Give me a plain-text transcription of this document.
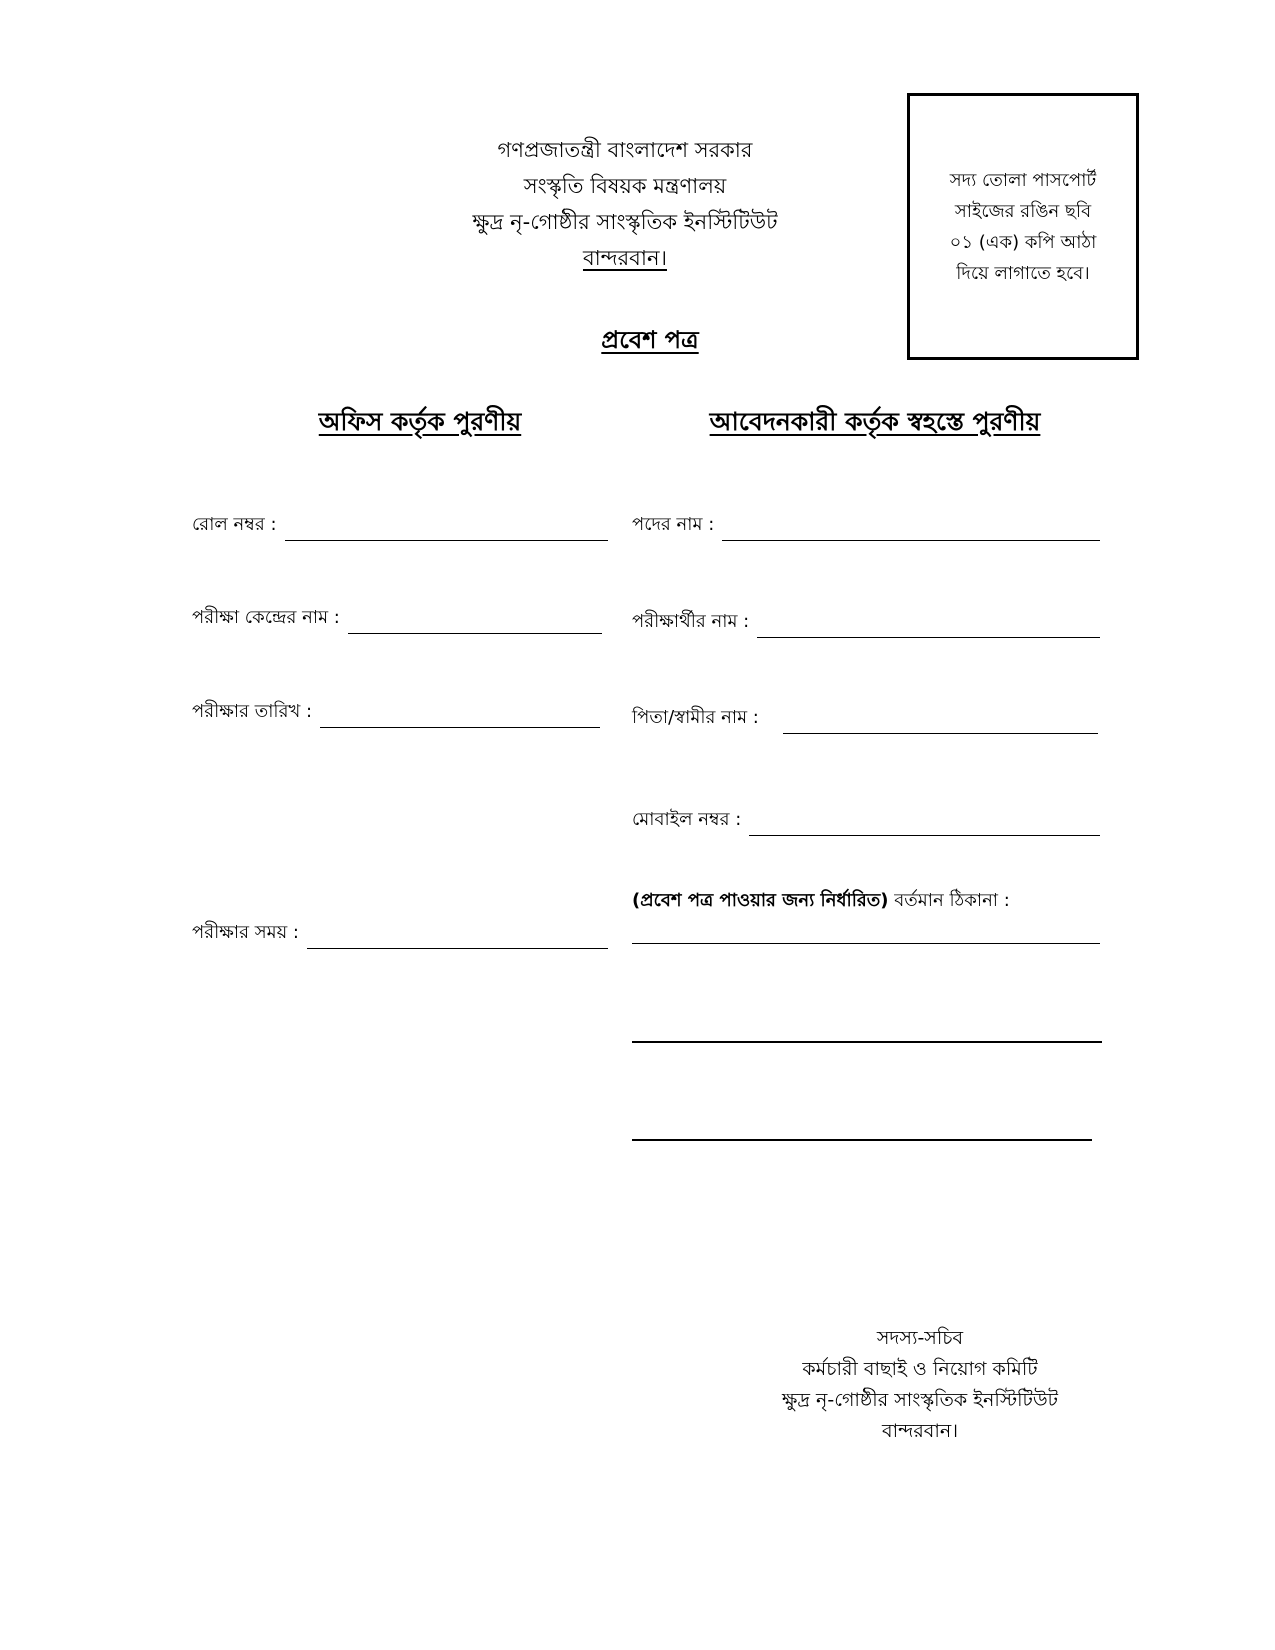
গণপ্রজাতন্ত্রী বাংলাদেশ সরকার
সংস্কৃতি বিষয়ক মন্ত্রণালয়
ক্ষুদ্র নৃ-গোষ্ঠীর সাংস্কৃতিক ইনস্টিটিউট
বান্দরবান।
সদ্য তোলা পাসপোর্ট
সাইজের রঙিন ছবি
০১ (এক) কপি আঠা
দিয়ে লাগাতে হবে।
প্রবেশ পত্র
অফিস কর্তৃক পুরণীয়	আবেদনকারী কর্তৃক স্বহস্তে পুরণীয়
রোল নম্বর :
পরীক্ষা কেন্দ্রের নাম :
পরীক্ষার তারিখ :
পরীক্ষার সময় :
পদের নাম :
পরীক্ষার্থীর নাম :
পিতা/স্বামীর নাম :
মোবাইল নম্বর :
(প্রবেশ পত্র পাওয়ার জন্য নির্ধারিত) বর্তমান ঠিকানা :
সদস্য-সচিব
কর্মচারী বাছাই ও নিয়োগ কমিটি
ক্ষুদ্র নৃ-গোষ্ঠীর সাংস্কৃতিক ইনস্টিটিউট
বান্দরবান।
